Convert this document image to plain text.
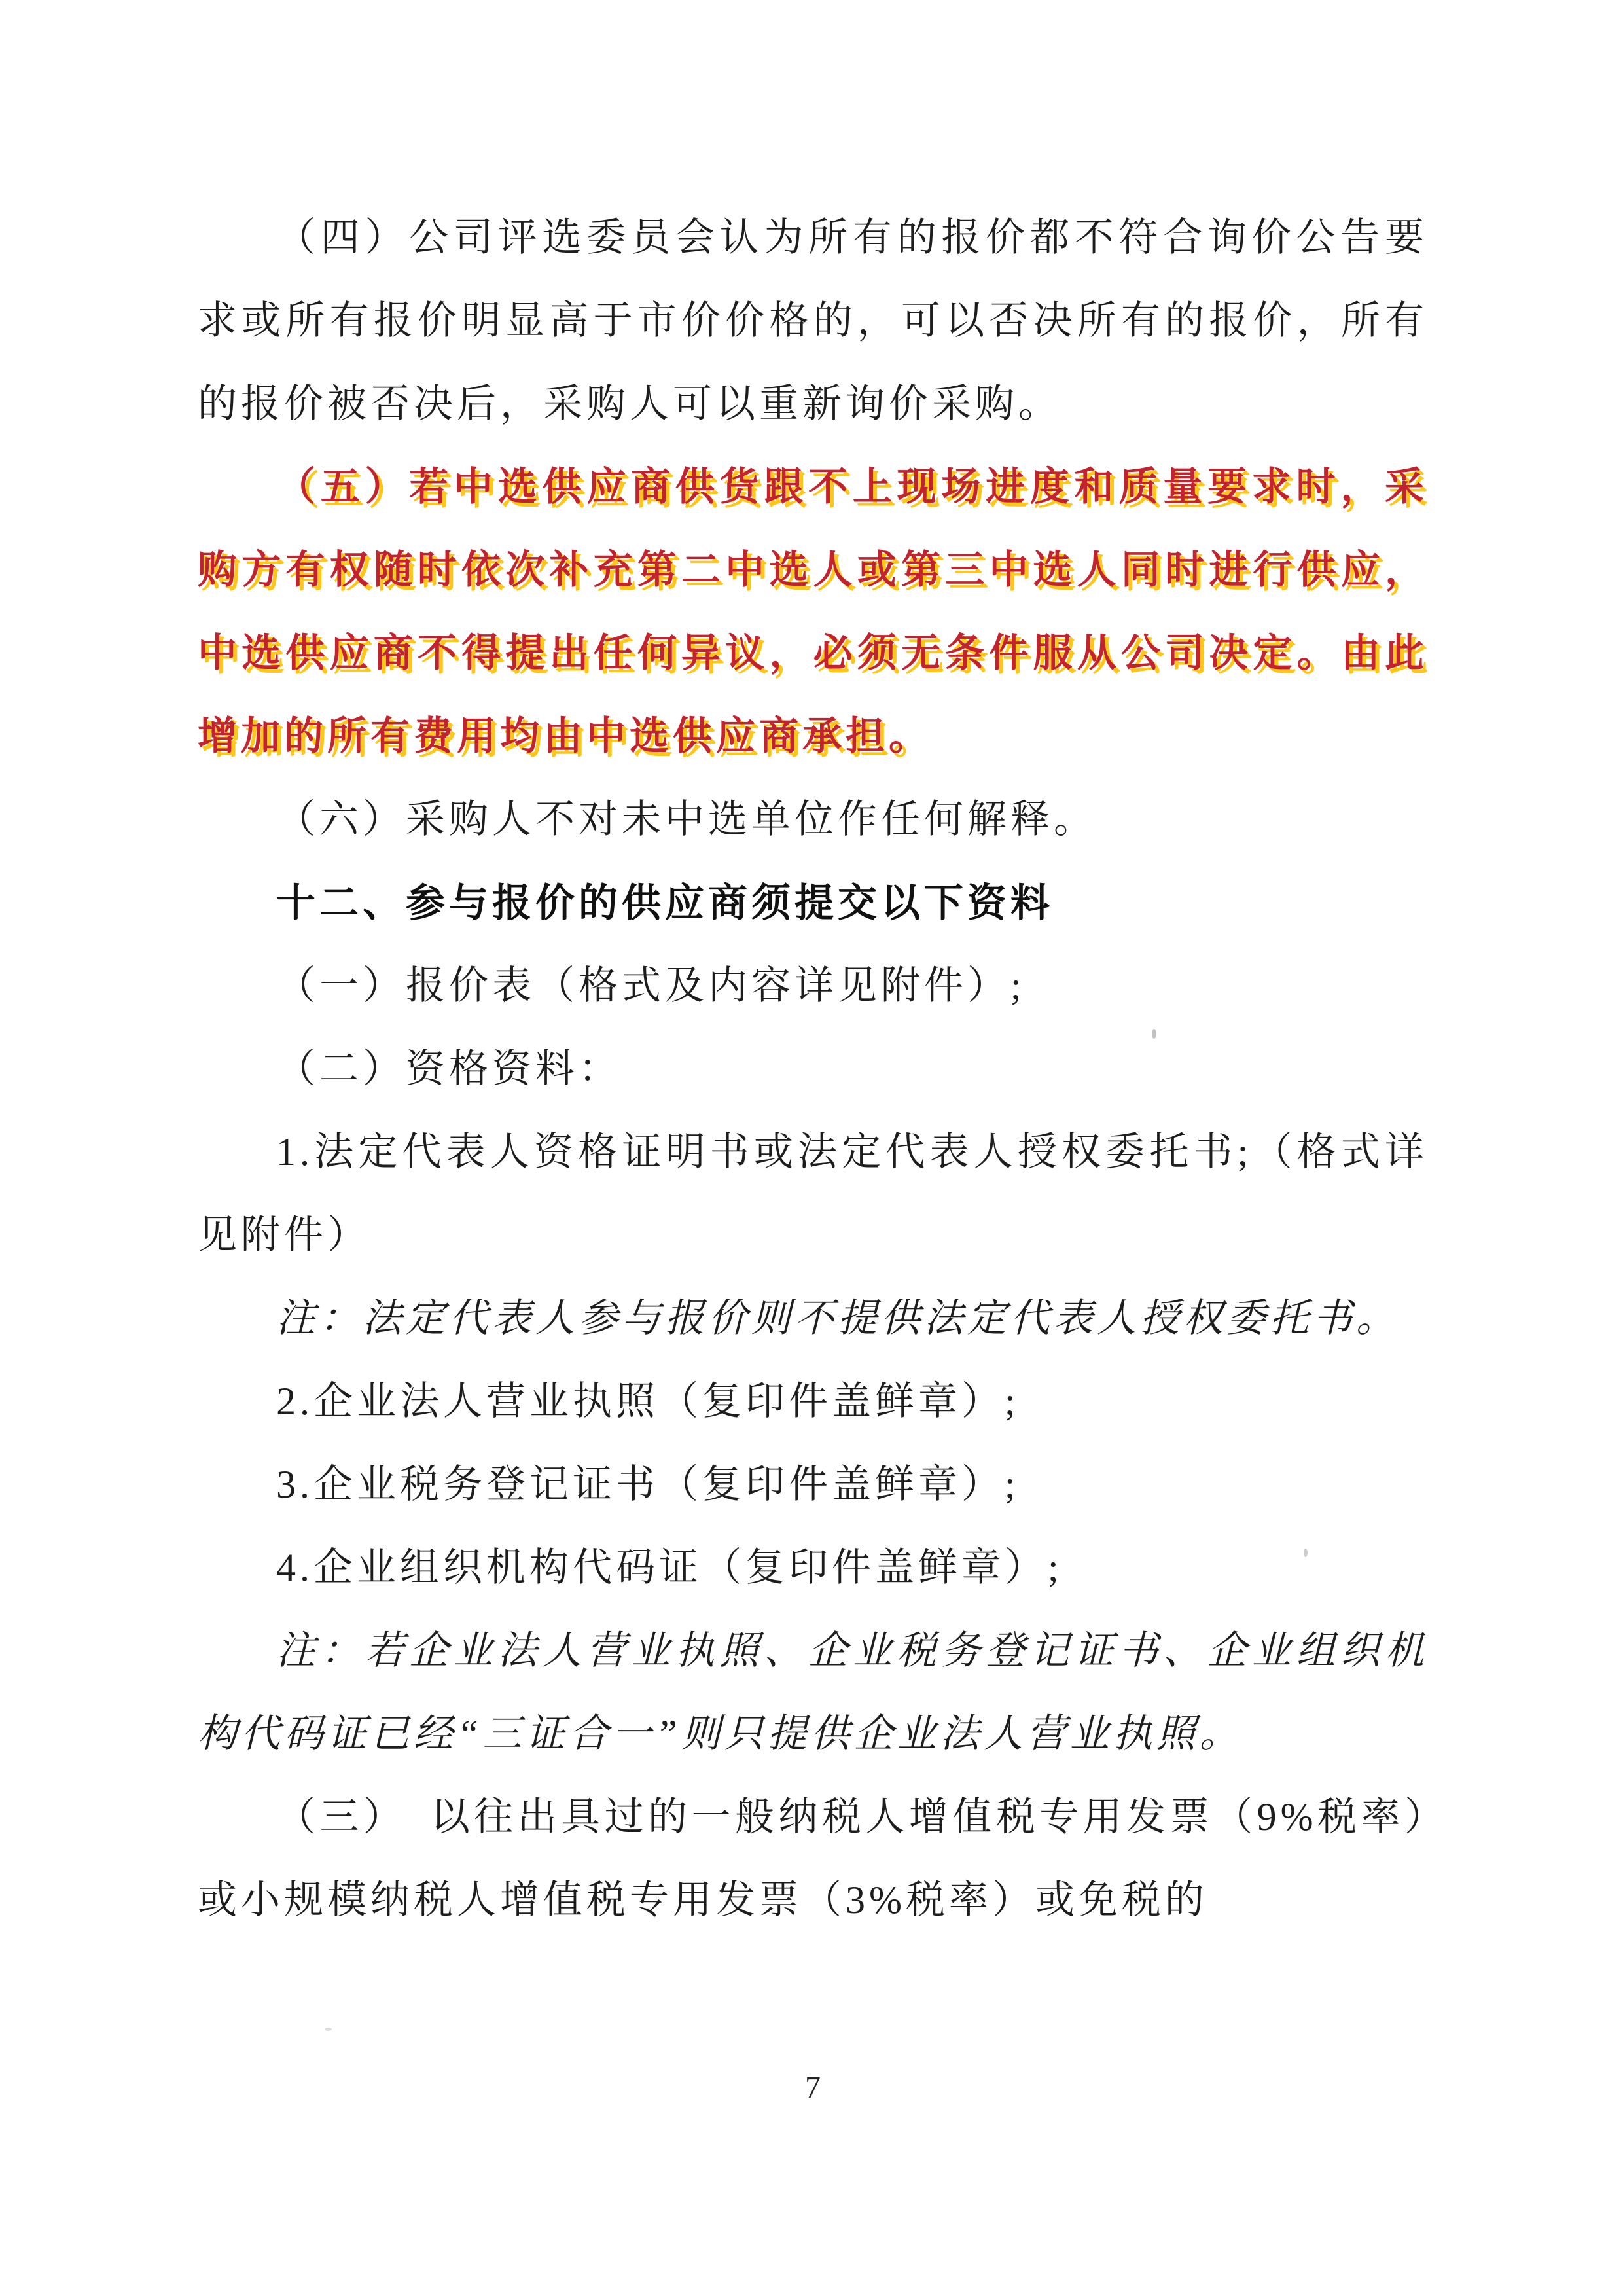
（四）公司评选委员会认为所有的报价都不符合询价公告要求或所有报价明显高于市价价格的，可以否决所有的报价，所有的报价被否决后，采购人可以重新询价采购。

（五）若中选供应商供货跟不上现场进度和质量要求时，采购方有权随时依次补充第二中选人或第三中选人同时进行供应，中选供应商不得提出任何异议，必须无条件服从公司决定。由此增加的所有费用均由中选供应商承担。

（六）采购人不对未中选单位作任何解释。

十二、参与报价的供应商须提交以下资料

（一）报价表（格式及内容详见附件）;

（二）资格资料：

1.法定代表人资格证明书或法定代表人授权委托书;（格式详见附件）

注：法定代表人参与报价则不提供法定代表人授权委托书。

2.企业法人营业执照（复印件盖鲜章）;

3.企业税务登记证书（复印件盖鲜章）;

4.企业组织机构代码证（复印件盖鲜章）;

注：若企业法人营业执照、企业税务登记证书、企业组织机构代码证已经“三证合一”则只提供企业法人营业执照。

（三）　以往出具过的一般纳税人增值税专用发票（9%税率）或小规模纳税人增值税专用发票（3%税率）或免税的

7
